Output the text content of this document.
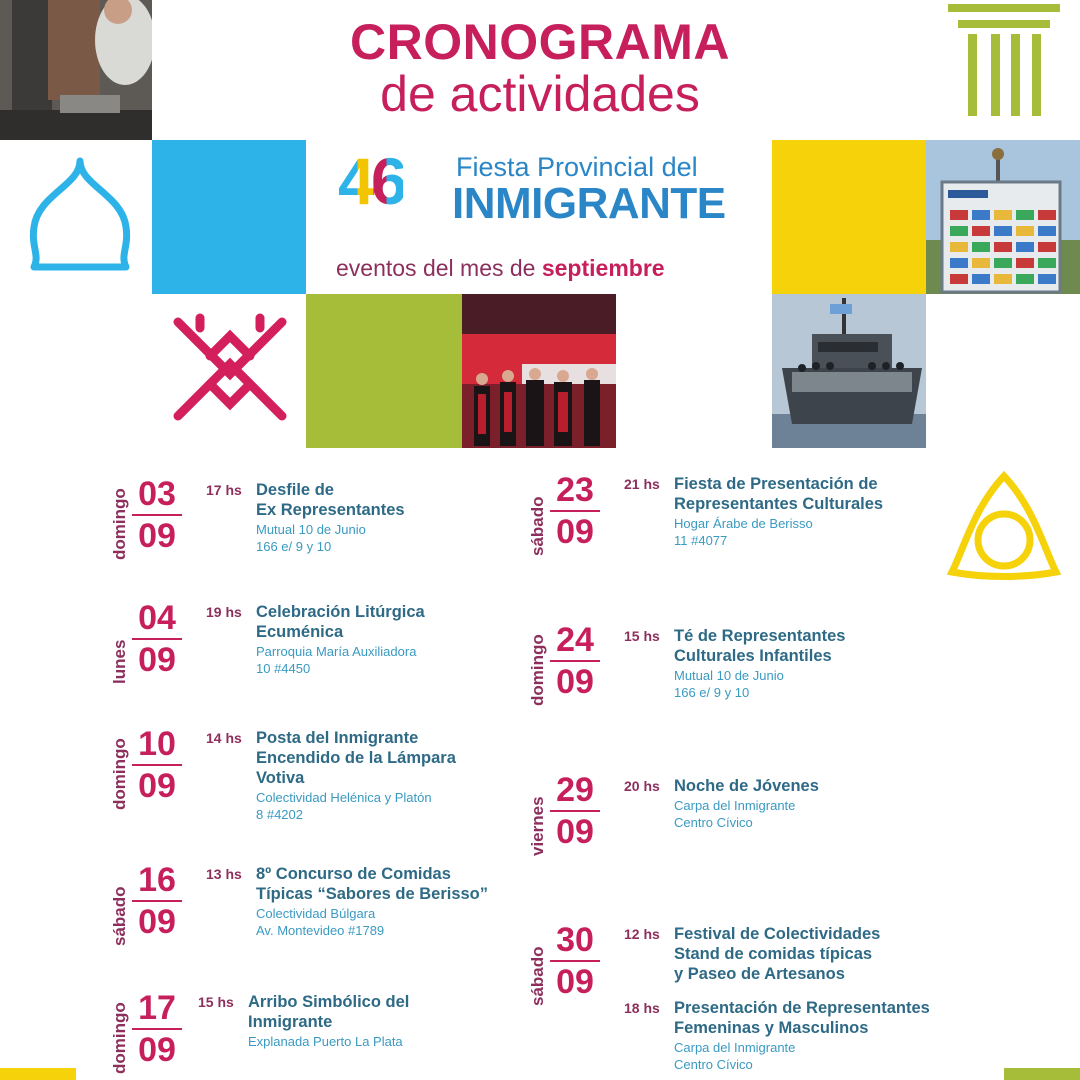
CRONOGRAMA
de actividades
46 Fiesta Provincial del
INMIGRANTE
eventos del mes de septiembre
domingo 03
09
17 hs Desfile de
Ex Representantes
Mutual 10 de Junio
166 e/ 9 y 10
lunes
04
09
19 hs Celebración Litúrgica
Ecuménica
Parroquia María Auxiliadora
10 #4450
domingo 10
09
14 hs Posta del Inmigrante
Encendido de la Lámpara
Votiva
Colectividad Helénica y Platón
8 #4202
sábado
16
09
13 hs 8º Concurso de Comidas
Típicas “Sabores de Berisso”
Colectividad Búlgara
Av. Montevideo #1789
domingo 17
09
15 hs Arribo Simbólico del
Inmigrante
Explanada Puerto La Plata
sábado
23
09
21 hs Fiesta de Presentación de
Representantes Culturales
Hogar Árabe de Berisso
11 #4077
domingo 24
09
15 hs Té de Representantes
Culturales Infantiles
Mutual 10 de Junio
166 e/ 9 y 10
viernes
29
09
20 hs Noche de Jóvenes
Carpa del Inmigrante
Centro Cívico
sábado
30
09
12 hs Festival de Colectividades
Stand de comidas típicas
y Paseo de Artesanos
18 hs Presentación de Representantes
Femeninas y Masculinos
Carpa del Inmigrante
Centro Cívico
